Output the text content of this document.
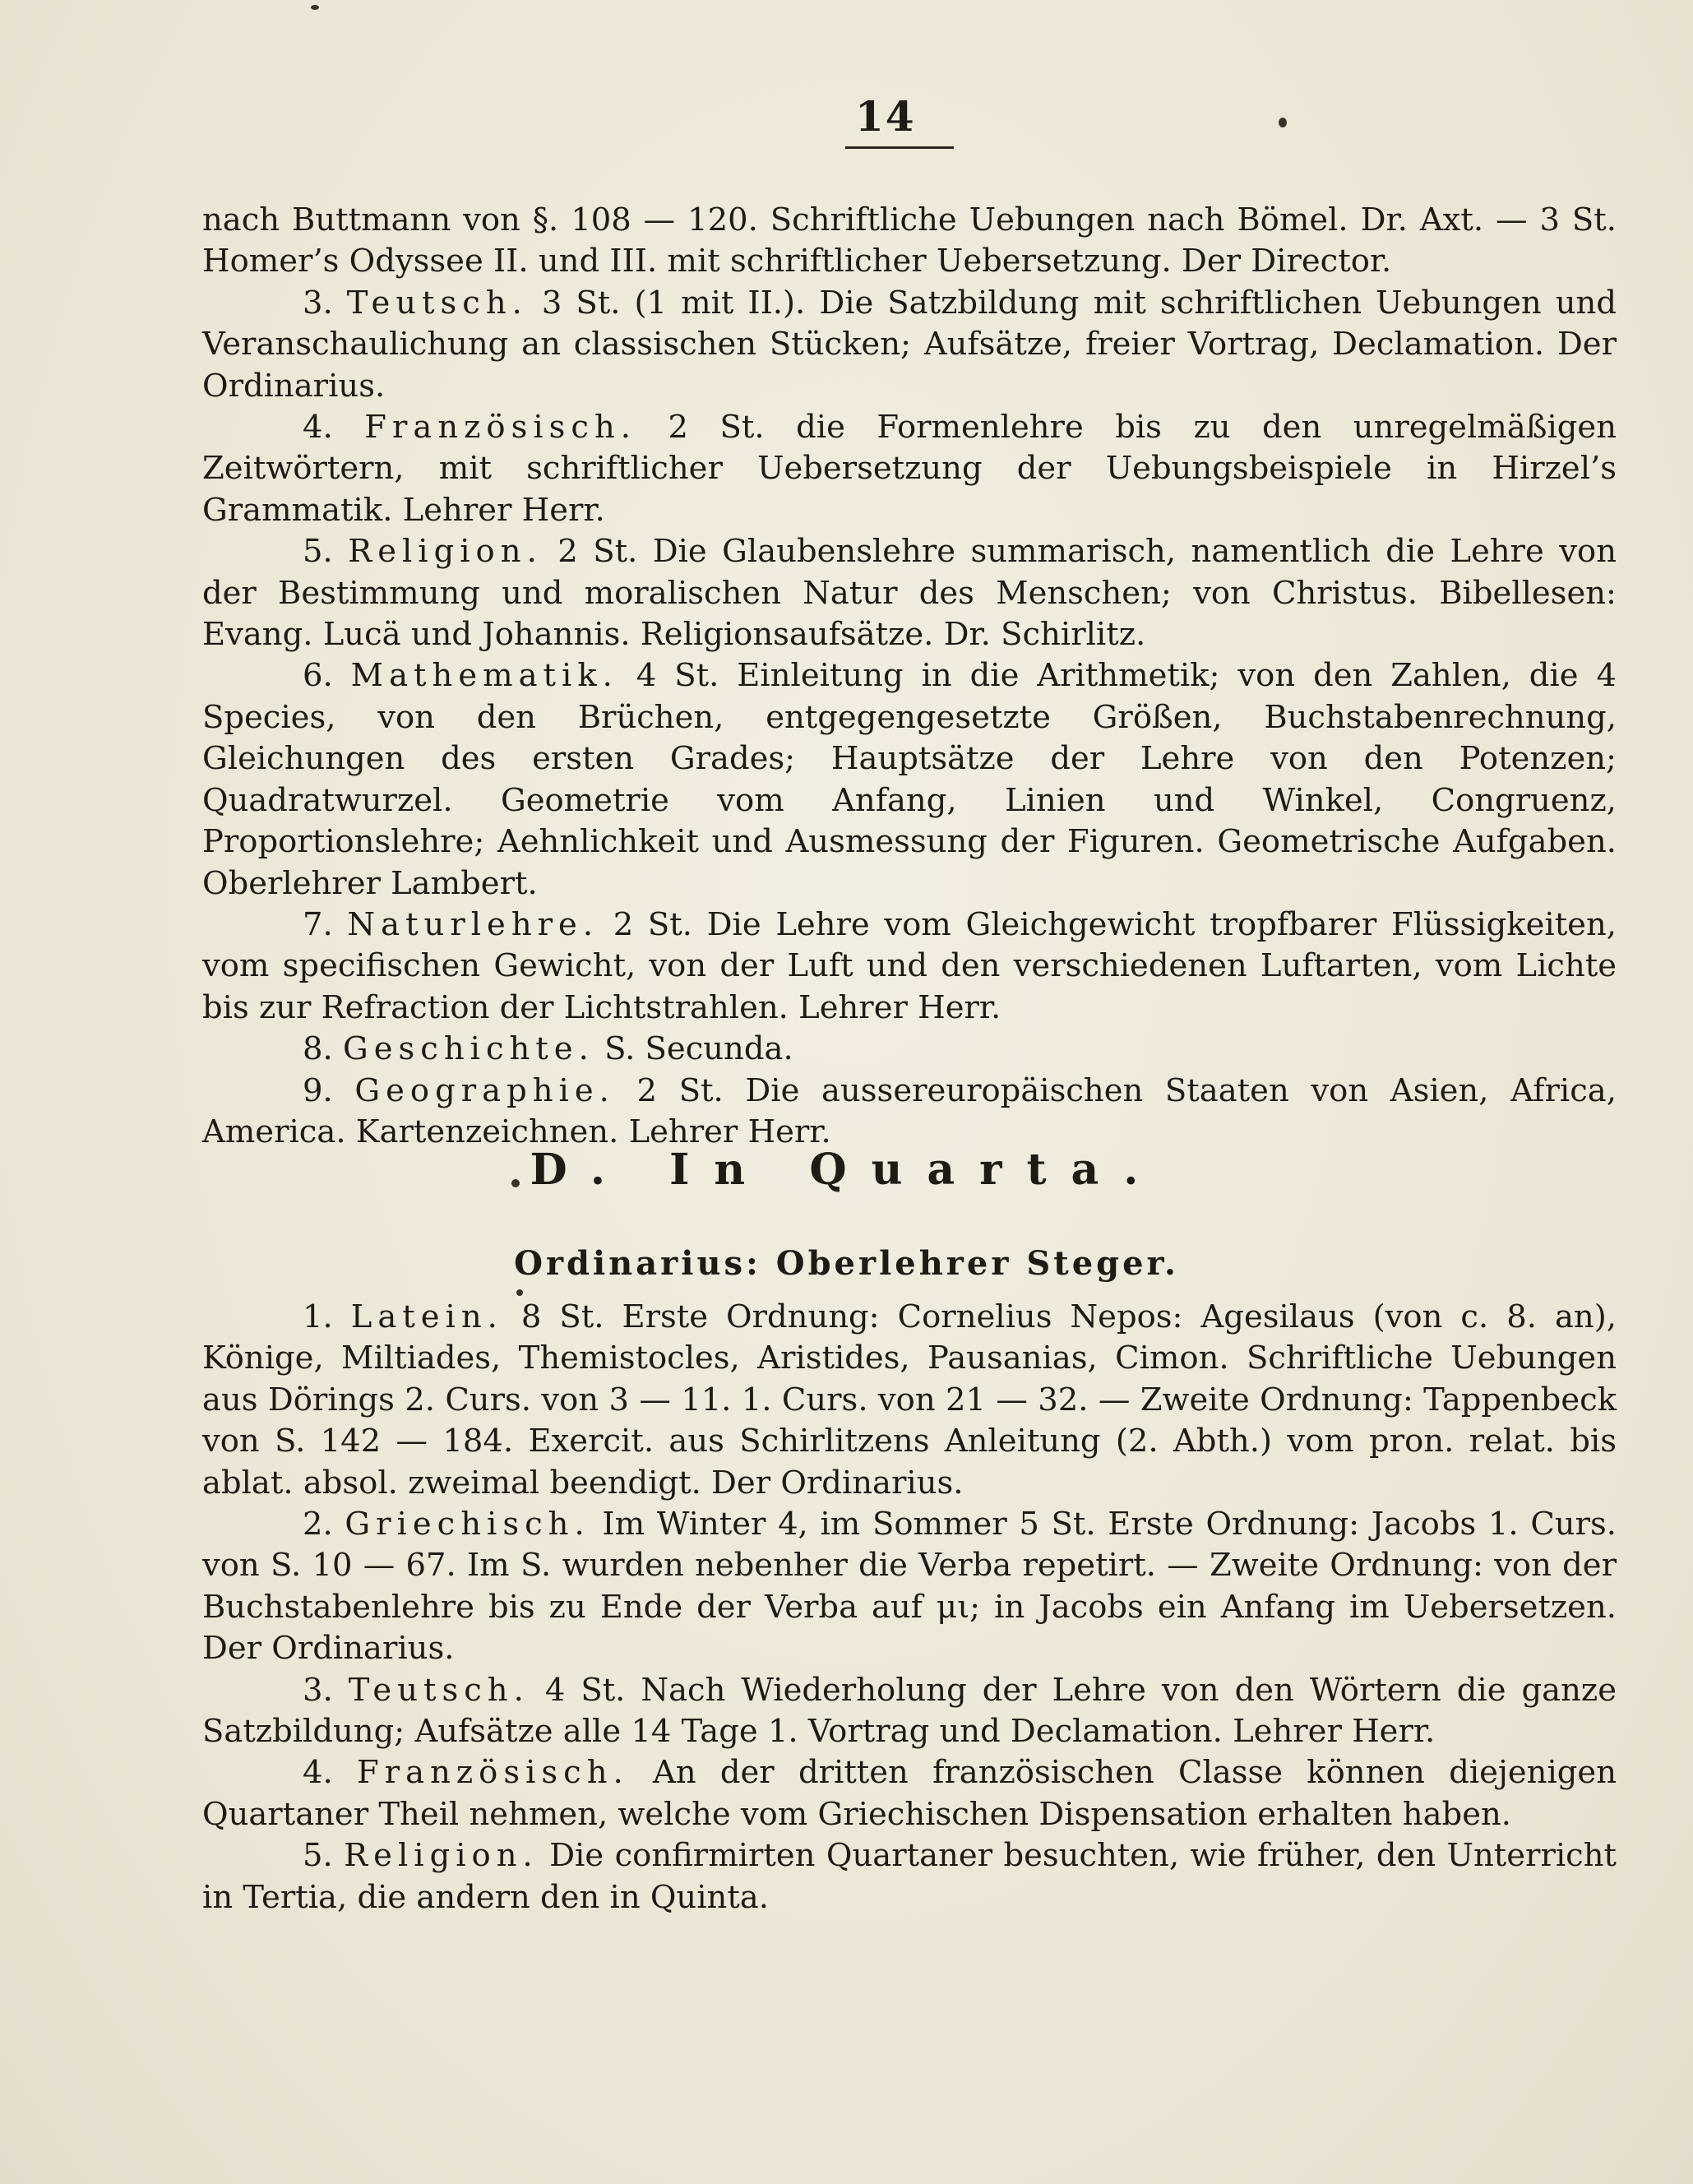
14

nach Buttmann von §. 108 — 120. Schriftliche Uebungen nach Bömel. Dr. Axt. — 3 St. Homer’s Odyssee II. und III. mit schriftlicher Uebersetzung. Der Director.

3. Teutsch. 3 St. (1 mit II.). Die Satzbildung mit schriftlichen Uebungen und Veranschaulichung an classischen Stücken; Aufsätze, freier Vortrag, Declamation. Der Ordinarius.

4. Französisch. 2 St. die Formenlehre bis zu den unregelmäßigen Zeitwörtern, mit schriftlicher Uebersetzung der Uebungsbeispiele in Hirzel’s Grammatik. Lehrer Herr.

5. Religion. 2 St. Die Glaubenslehre summarisch, namentlich die Lehre von der Bestimmung und moralischen Natur des Menschen; von Christus. Bibellesen: Evang. Lucä und Johannis. Religionsaufsätze. Dr. Schirlitz.

6. Mathematik. 4 St. Einleitung in die Arithmetik; von den Zahlen, die 4 Species, von den Brüchen, entgegengesetzte Größen, Buchstabenrechnung, Gleichungen des ersten Grades; Hauptsätze der Lehre von den Potenzen; Quadratwurzel. Geometrie vom Anfang, Linien und Winkel, Congruenz, Proportionslehre; Aehnlichkeit und Ausmessung der Figuren. Geometrische Aufgaben. Oberlehrer Lambert.

7. Naturlehre. 2 St. Die Lehre vom Gleichgewicht tropfbarer Flüssigkeiten, vom specifischen Gewicht, von der Luft und den verschiedenen Luftarten, vom Lichte bis zur Refraction der Lichtstrahlen. Lehrer Herr.

8. Geschichte. S. Secunda.

9. Geographie. 2 St. Die aussereuropäischen Staaten von Asien, Africa, America. Kartenzeichnen. Lehrer Herr.

D. In Quarta.
Ordinarius: Oberlehrer Steger.

1. Latein. 8 St. Erste Ordnung: Cornelius Nepos: Agesilaus (von c. 8. an), Könige, Miltiades, Themistocles, Aristides, Pausanias, Cimon. Schriftliche Uebungen aus Dörings 2. Curs. von 3 — 11. 1. Curs. von 21 — 32. — Zweite Ordnung: Tappenbeck von S. 142 — 184. Exercit. aus Schirlitzens Anleitung (2. Abth.) vom pron. relat. bis ablat. absol. zweimal beendigt. Der Ordinarius.

2. Griechisch. Im Winter 4, im Sommer 5 St. Erste Ordnung: Jacobs 1. Curs. von S. 10 — 67. Im S. wurden nebenher die Verba repetirt. — Zweite Ordnung: von der Buchstabenlehre bis zu Ende der Verba auf μι; in Jacobs ein Anfang im Uebersetzen. Der Ordinarius.

3. Teutsch. 4 St. Nach Wiederholung der Lehre von den Wörtern die ganze Satzbildung; Aufsätze alle 14 Tage 1. Vortrag und Declamation. Lehrer Herr.

4. Französisch. An der dritten französischen Classe können diejenigen Quartaner Theil nehmen, welche vom Griechischen Dispensation erhalten haben.

5. Religion. Die confirmirten Quartaner besuchten, wie früher, den Unterricht in Tertia, die andern den in Quinta.
